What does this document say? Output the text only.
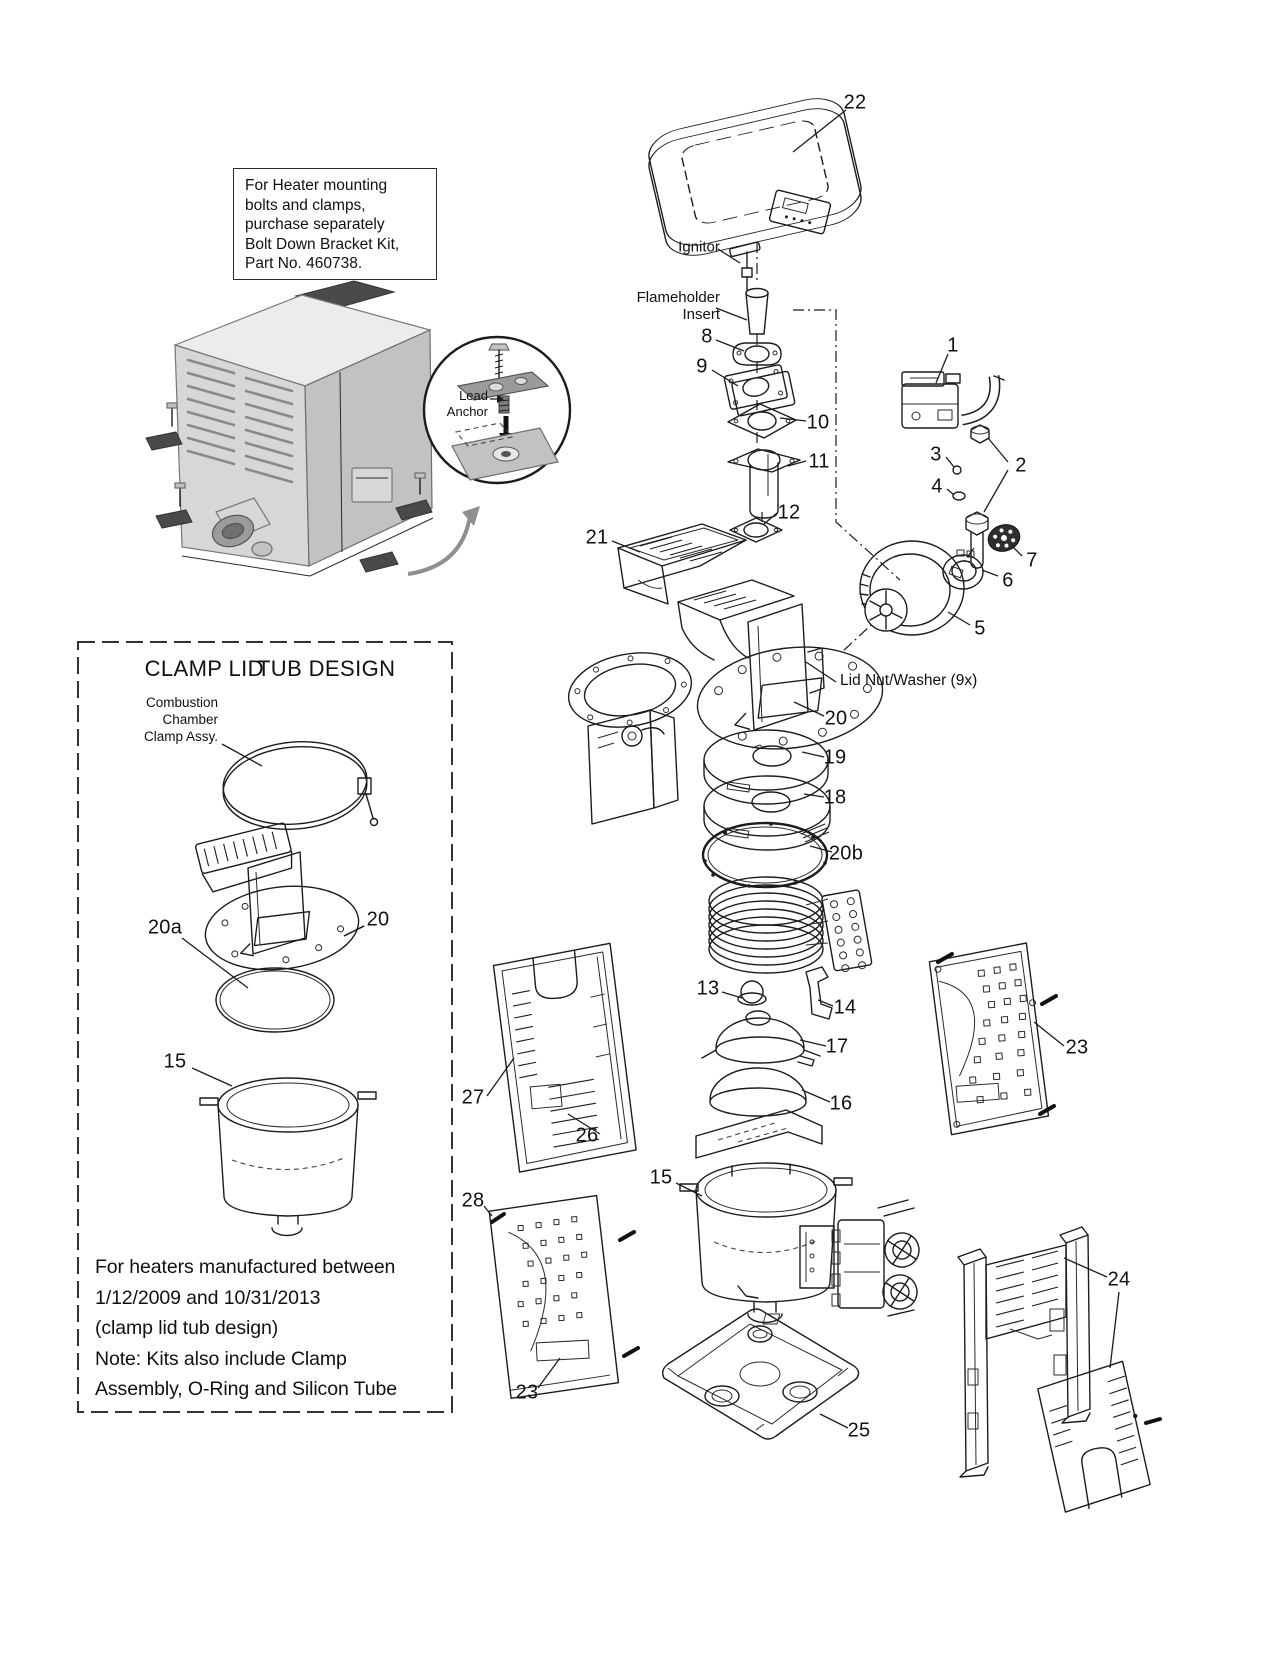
For Heater mounting
bolts and clamps,
purchase separately
Bolt Down Bracket Kit,
Part No. 460738.
Lead
Anchor
Ignitor
Flameholder
Insert
Lid Nut/Washer (9x)
CLAMP LIDTUB DESIGN
Combustion
Chamber
Clamp Assy.
For heaters manufactured between
1/12/2009 and 10/31/2013
(clamp lid tub design)
Note: Kits also include Clamp
Assembly, O-Ring and Silicon Tube
22
8
9
10
11
12
1
3	2
4
7
6
5
21
20
19
18
20b
13
14
17
16
27
26
23
15
28
23
25
24
20
20a
15
